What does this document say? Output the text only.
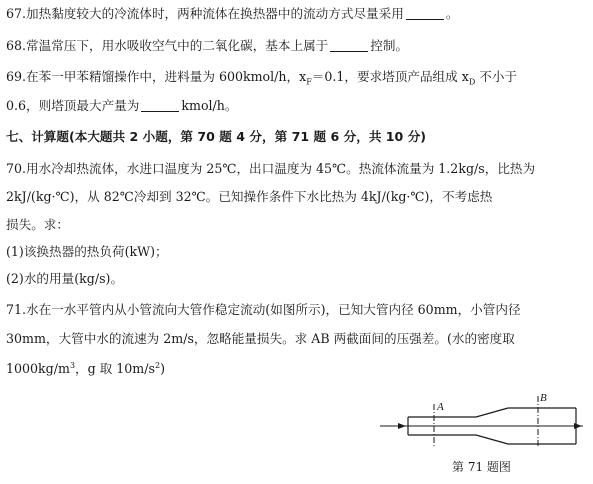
67.加热黏度较大的冷流体时，两种流体在换热器中的流动方式尽量采用	。
68.常温常压下，用水吸收空气中的二氧化碳，基本上属于	控制。
69.在苯一甲苯精馏操作中，进料量为 600kmol/h，$x_F=0.1$，要求塔顶产品组成 $x_D$ 不小于
0.6，则塔顶最大产量为	kmol/h。
七、计算题(本大题共 2 小题，第 70 题 4 分，第 71 题 6 分，共 10 分)
70.用水冷却热流体，水进口温度为 25℃，出口温度为 45℃。热流体流量为 1.2kg/s，比热为
2kJ/(kg·℃)，从 82℃冷却到 32℃。已知操作条件下水比热为 4kJ/(kg·℃)，不考虑热
损失。求：
(1)该换热器的热负荷(kW)；
(2)水的用量(kg/s)。
71.水在一水平管内从小管流向大管作稳定流动(如图所示)，已知大管内径 60mm，小管内径
30mm，大管中水的流速为 2m/s，忽略能量损失。求 AB 两截面间的压强差。(水的密度取
$1000kg/m^3$，g 取 $10m/s^2$)
A
B
第 71 题图
